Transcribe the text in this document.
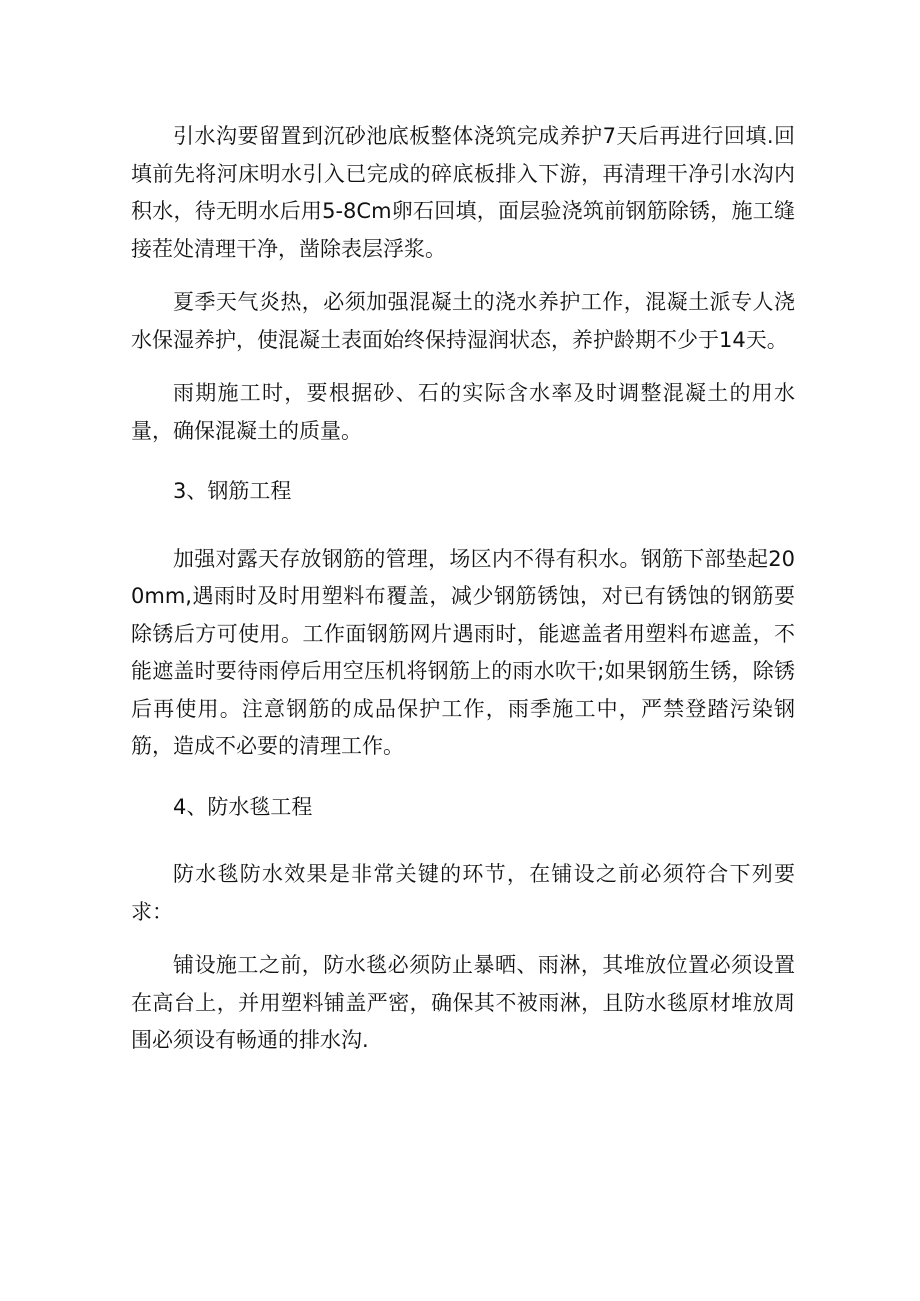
引水沟要留置到沉砂池底板整体浇筑完成养护7天后再进行回填.回填前先将河床明水引入已完成的碎底板排入下游，再清理干净引水沟内积水，待无明水后用5-8Cm卵石回填，面层验浇筑前钢筋除锈，施工缝接茬处清理干净，凿除表层浮浆。

夏季天气炎热，必须加强混凝土的浇水养护工作，混凝土派专人浇水保湿养护，使混凝土表面始终保持湿润状态，养护龄期不少于14天。

雨期施工时，要根据砂、石的实际含水率及时调整混凝土的用水量，确保混凝土的质量。

3、钢筋工程

加强对露天存放钢筋的管理，场区内不得有积水。钢筋下部垫起200mm,遇雨时及时用塑料布覆盖，减少钢筋锈蚀，对已有锈蚀的钢筋要除锈后方可使用。工作面钢筋网片遇雨时，能遮盖者用塑料布遮盖，不能遮盖时要待雨停后用空压机将钢筋上的雨水吹干;如果钢筋生锈，除锈后再使用。注意钢筋的成品保护工作，雨季施工中，严禁登踏污染钢筋，造成不必要的清理工作。

4、防水毯工程

防水毯防水效果是非常关键的环节，在铺设之前必须符合下列要求：

铺设施工之前，防水毯必须防止暴晒、雨淋，其堆放位置必须设置在高台上，并用塑料铺盖严密，确保其不被雨淋，且防水毯原材堆放周围必须设有畅通的排水沟.
